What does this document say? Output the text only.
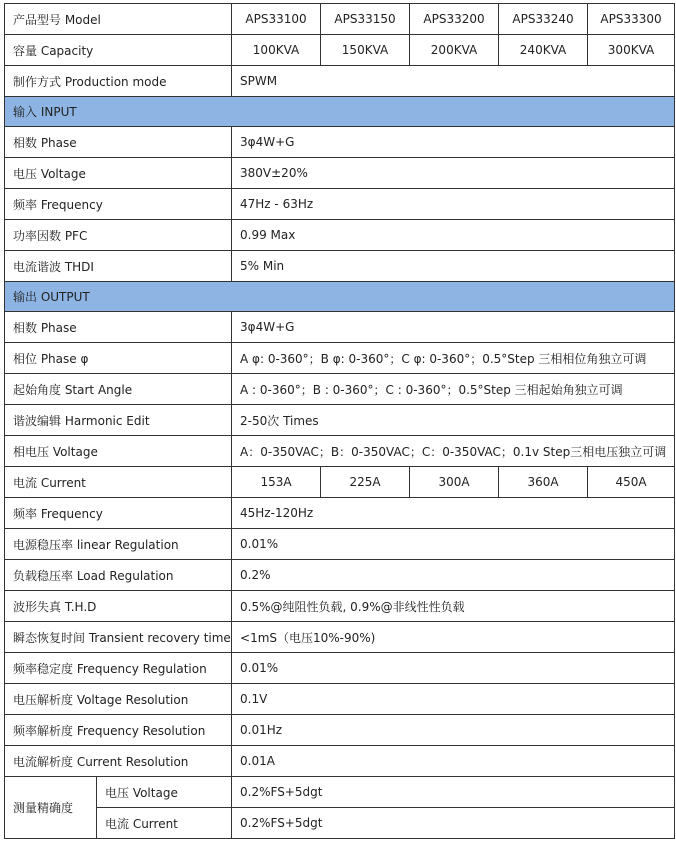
产品型号 Model		APS33100	APS33150	APS33200	APS33240	APS33300
容量 Capacity		100KVA	150KVA	200KVA	240KVA	300KVA
制作方式 Production mode		SPWM				
输入 INPUT						
相数 Phase		3φ4W+G				
电压 Voltage		380V±20%				
频率 Frequency		47Hz - 63Hz				
功率因数 PFC		0.99 Max				
电流谐波 THDI		5% Min				
输出 OUTPUT						
相数 Phase		3φ4W+G				
相位 Phase φ		A φ: 0-360°；B φ: 0-360°；C φ: 0-360°；0.5°Step 三相相位角独立可调				
起始角度 Start Angle		A : 0-360°；B : 0-360°；C : 0-360°；0.5°Step 三相起始角独立可调				
谐波编辑 Harmonic Edit		2-50次 Times				
相电压 Voltage		A：0-350VAC；B：0-350VAC；C：0-350VAC；0.1v Step三相电压独立可调				
电流 Current		153A	225A	300A	360A	450A
频率 Frequency		45Hz-120Hz				
电源稳压率 linear Regulation		0.01%				
负载稳压率 Load Regulation		0.2%				
波形失真 T.H.D		0.5%@纯阻性负载, 0.9%@非线性性负载				
瞬态恢复时间 Transient recovery time		<1mS（电压10%-90%)				
频率稳定度 Frequency Regulation		0.01%				
电压解析度 Voltage Resolution		0.1V				
频率解析度 Frequency Resolution		0.01Hz				
电流解析度 Current Resolution		0.01A				
测量精确度	电压 Voltage	0.2%FS+5dgt				
	电流 Current	0.2%FS+5dgt				
